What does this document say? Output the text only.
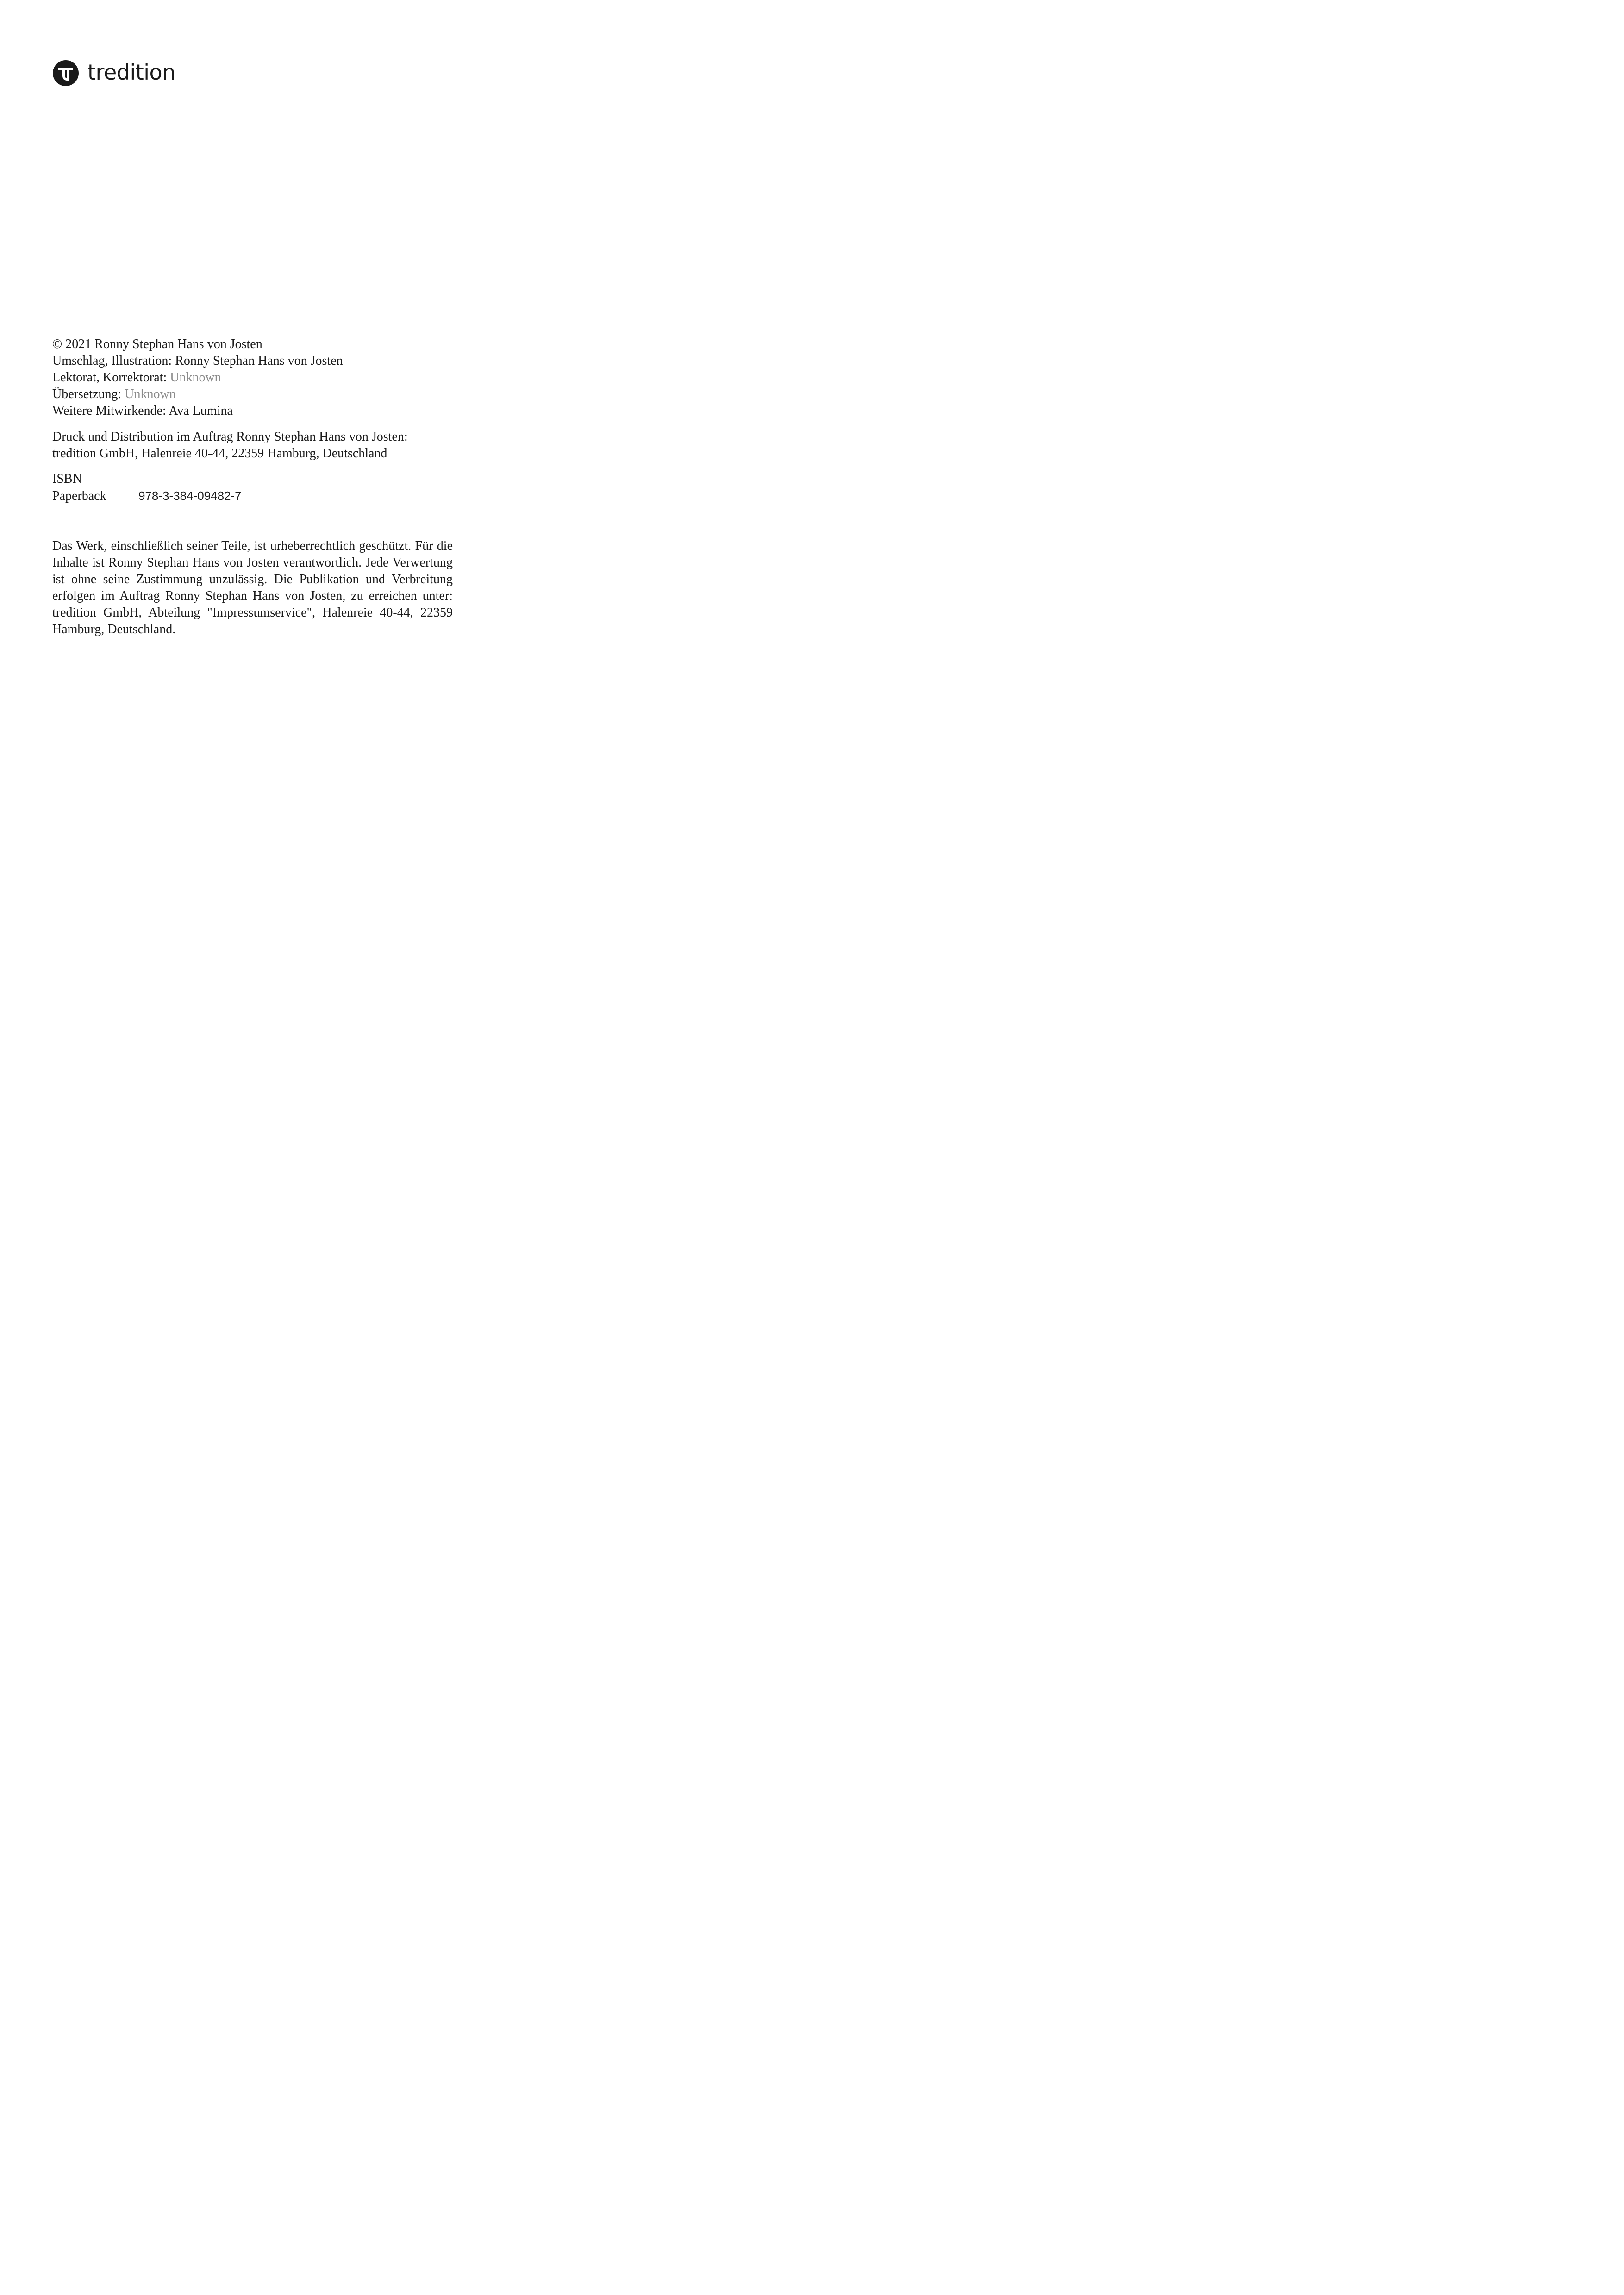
tredition
© 2021 Ronny Stephan Hans von Josten
Umschlag, Illustration: Ronny Stephan Hans von Josten
Lektorat, Korrektorat: Unknown
Übersetzung: Unknown
Weitere Mitwirkende: Ava Lumina
Druck und Distribution im Auftrag Ronny Stephan Hans von Josten:
tredition GmbH, Halenreie 40-44, 22359 Hamburg, Deutschland
ISBN
Paperback	978-3-384-09482-7
Das Werk, einschließlich seiner Teile, ist urheberrechtlich geschützt. Für die Inhalte ist Ronny Stephan Hans von Josten verantwortlich. Jede Verwertung ist ohne seine Zustimmung unzulässig. Die Publikation und Verbreitung erfolgen im Auftrag Ronny Stephan Hans von Josten, zu erreichen unter: tredition GmbH, Abteilung "Impressumservice", Halenreie 40-44, 22359 Hamburg, Deutschland.
